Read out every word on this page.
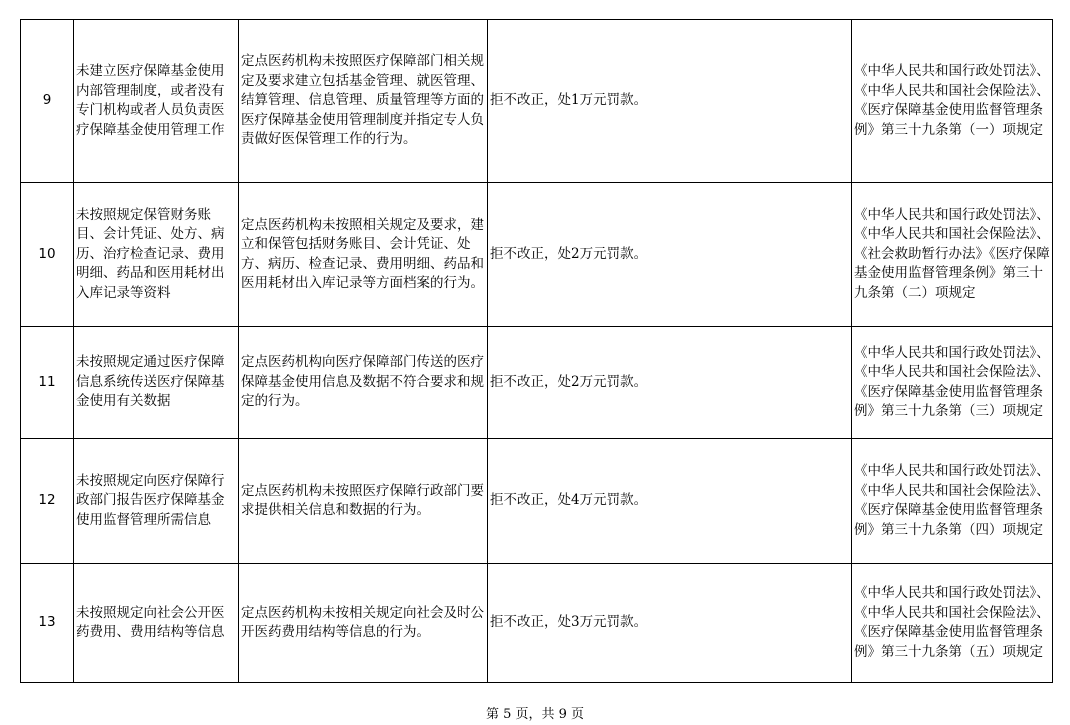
9	未建立医疗保障基金使用内部管理制度，或者没有专门机构或者人员负责医疗保障基金使用管理工作	定点医药机构未按照医疗保障部门相关规定及要求建立包括基金管理、就医管理、结算管理、信息管理、质量管理等方面的医疗保障基金使用管理制度并指定专人负责做好医保管理工作的行为。	拒不改正，处1万元罚款。	《中华人民共和国行政处罚法》、《中华人民共和国社会保险法》、《医疗保障基金使用监督管理条例》第三十九条第（一）项规定
10	未按照规定保管财务账目、会计凭证、处方、病历、治疗检查记录、费用明细、药品和医用耗材出入库记录等资料	定点医药机构未按照相关规定及要求，建立和保管包括财务账目、会计凭证、处方、病历、检查记录、费用明细、药品和医用耗材出入库记录等方面档案的行为。	拒不改正，处2万元罚款。	《中华人民共和国行政处罚法》、《中华人民共和国社会保险法》、《社会救助暂行办法》《医疗保障基金使用监督管理条例》第三十九条第（二）项规定
11	未按照规定通过医疗保障信息系统传送医疗保障基金使用有关数据	定点医药机构向医疗保障部门传送的医疗保障基金使用信息及数据不符合要求和规定的行为。	拒不改正，处2万元罚款。	《中华人民共和国行政处罚法》、《中华人民共和国社会保险法》、《医疗保障基金使用监督管理条例》第三十九条第（三）项规定
12	未按照规定向医疗保障行政部门报告医疗保障基金使用监督管理所需信息	定点医药机构未按照医疗保障行政部门要求提供相关信息和数据的行为。	拒不改正，处4万元罚款。	《中华人民共和国行政处罚法》、《中华人民共和国社会保险法》、《医疗保障基金使用监督管理条例》第三十九条第（四）项规定
13	未按照规定向社会公开医药费用、费用结构等信息	定点医药机构未按相关规定向社会及时公开医药费用结构等信息的行为。	拒不改正，处3万元罚款。	《中华人民共和国行政处罚法》、《中华人民共和国社会保险法》、《医疗保障基金使用监督管理条例》第三十九条第（五）项规定
第 5 页，共 9 页
